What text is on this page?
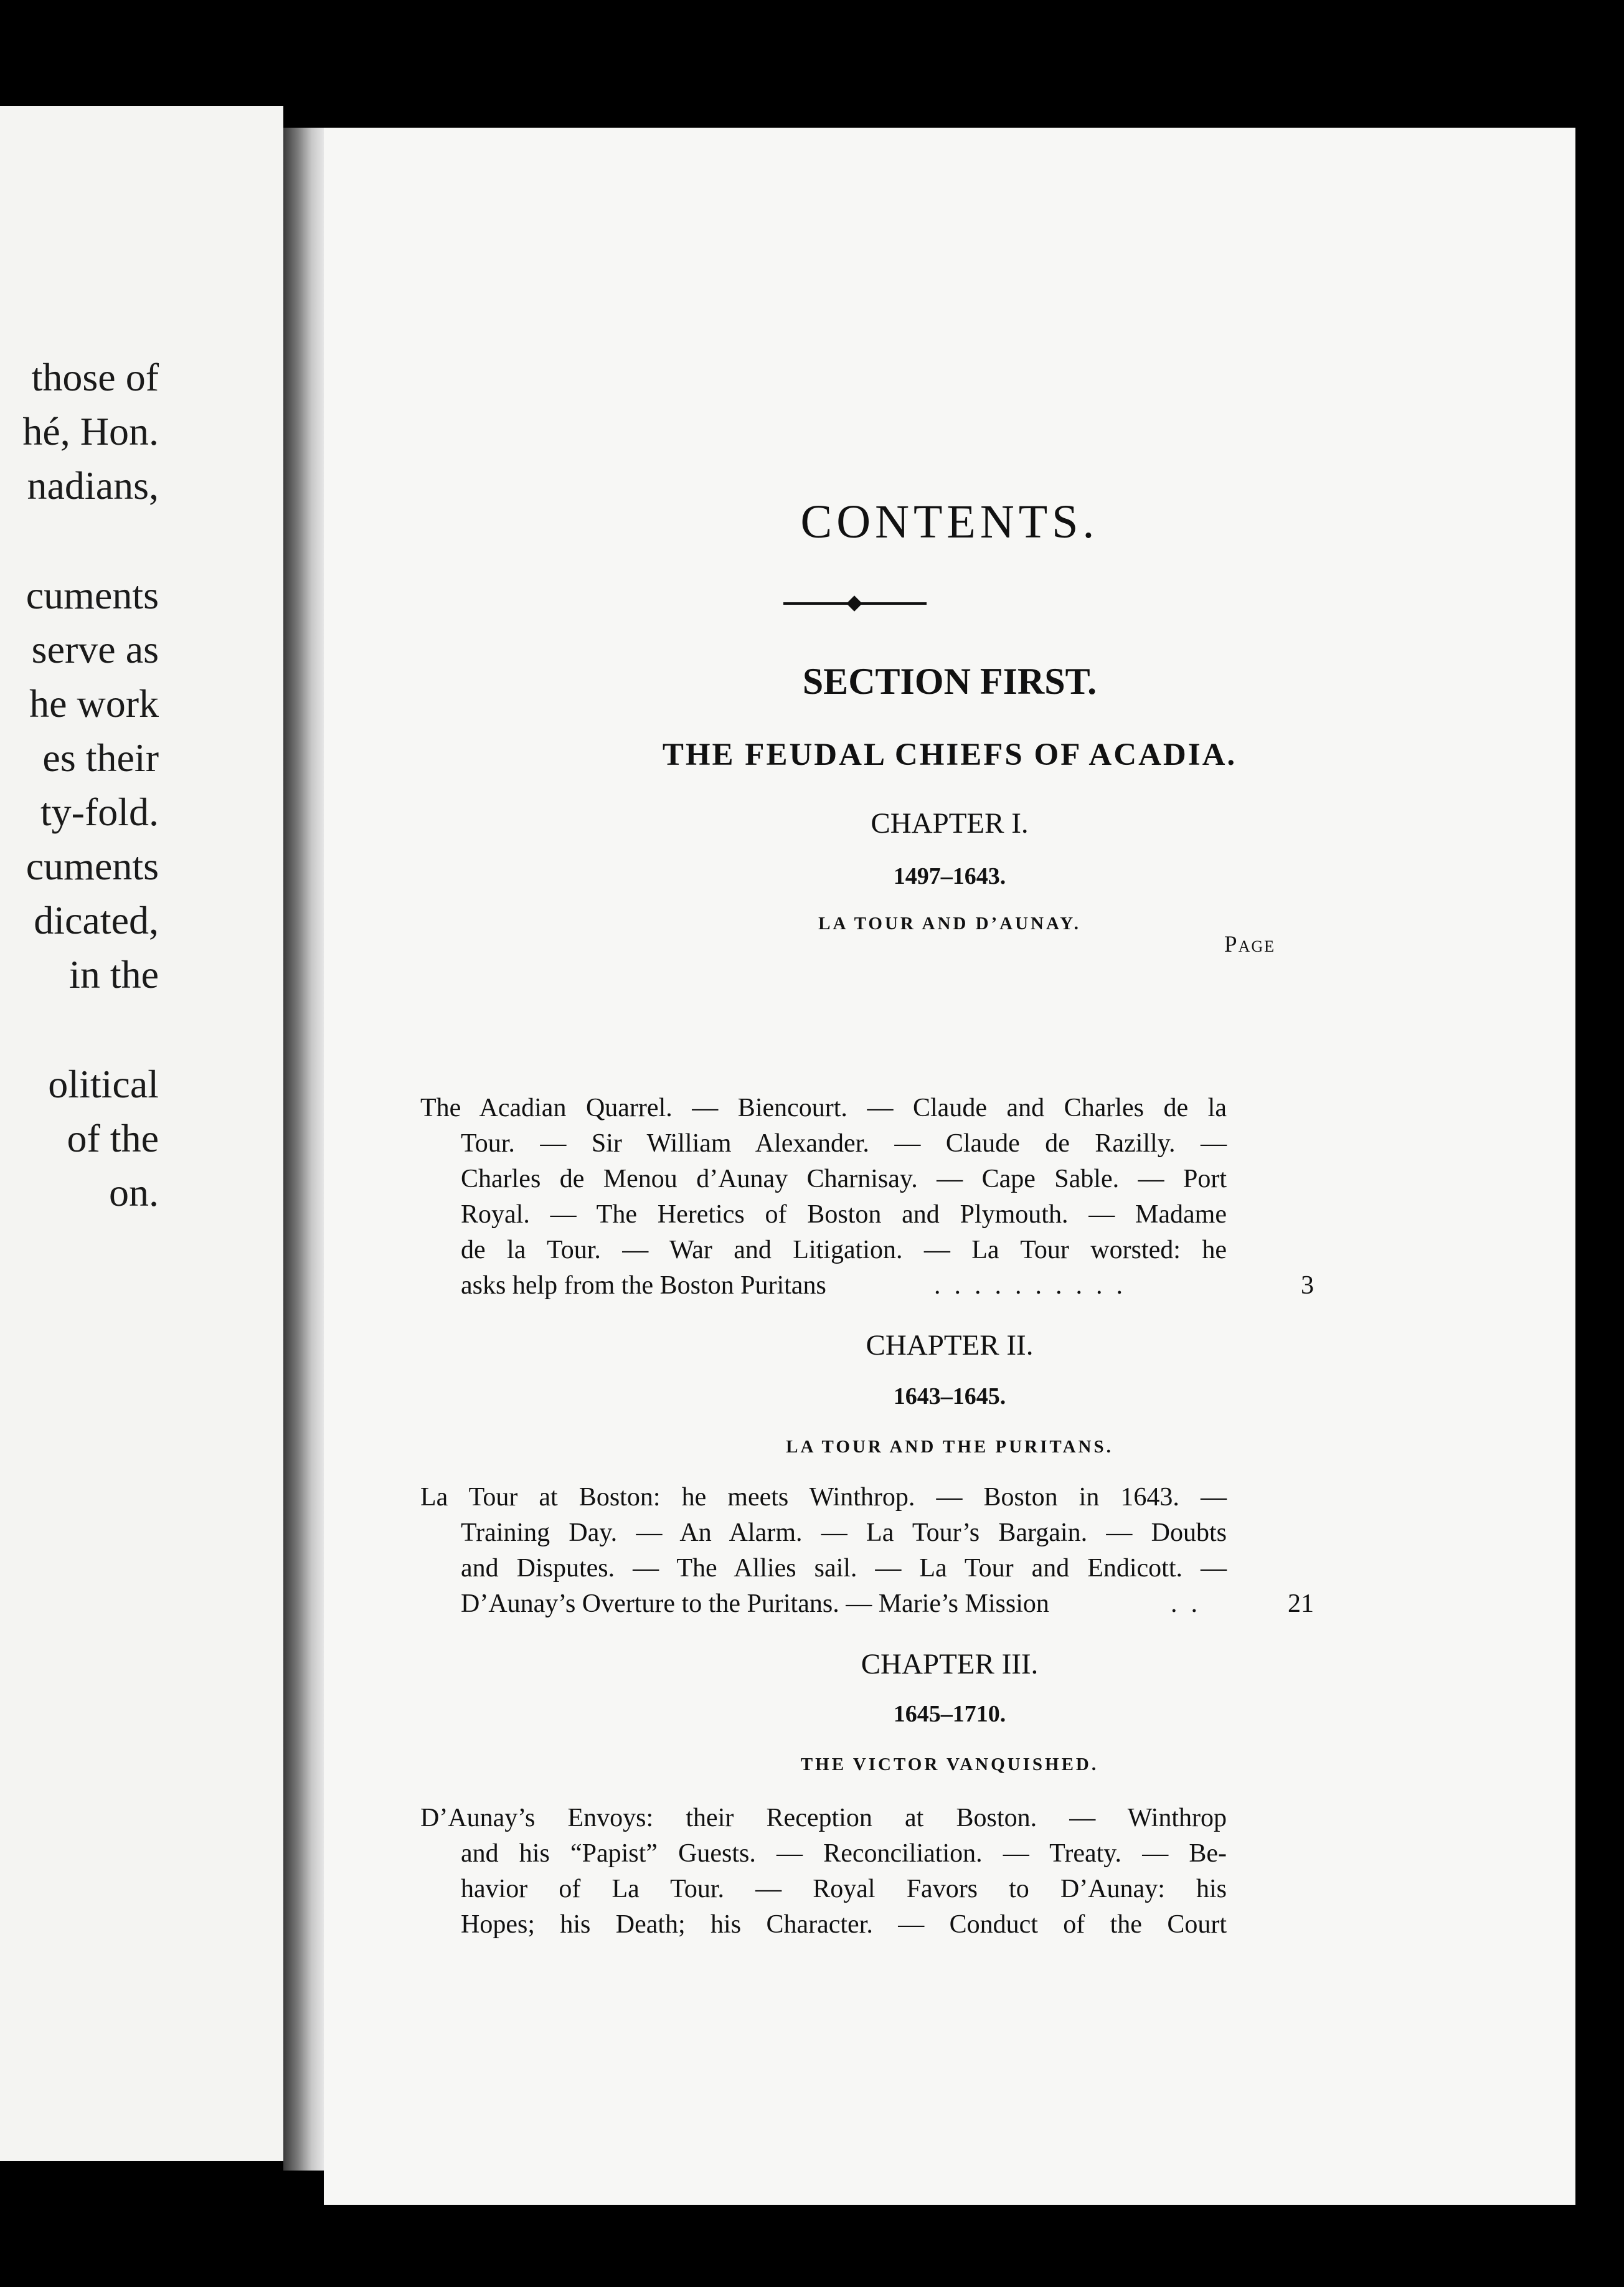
those of
hé, Hon.
nadians,
cuments
serve as
he work
es their
ty-fold.
cuments
dicated,
in the
olitical
of the
on.
CONTENTS.
SECTION FIRST.
THE FEUDAL CHIEFS OF ACADIA.
CHAPTER I.
1497–1643.
LA TOUR AND D’AUNAY.
Page
The Acadian Quarrel. — Biencourt. — Claude and Charles de la
Tour. — Sir William Alexander. — Claude de Razilly. —
Charles de Menou d’Aunay Charnisay. — Cape Sable. — Port
Royal. — The Heretics of Boston and Plymouth. — Madame
de la Tour. — War and Litigation. — La Tour worsted: he
asks help from the Boston Puritans	..........	3
CHAPTER II.
1643–1645.
LA TOUR AND THE PURITANS.
La Tour at Boston: he meets Winthrop. — Boston in 1643. —
Training Day. — An Alarm. — La Tour’s Bargain. — Doubts
and Disputes. — The Allies sail. — La Tour and Endicott. —
D’Aunay’s Overture to the Puritans. — Marie’s Mission	..	21
CHAPTER III.
1645–1710.
THE VICTOR VANQUISHED.
D’Aunay’s Envoys: their Reception at Boston. — Winthrop
and his “Papist” Guests. — Reconciliation. — Treaty. — Be-
havior of La Tour. — Royal Favors to D’Aunay: his
Hopes; his Death; his Character. — Conduct of the Court
